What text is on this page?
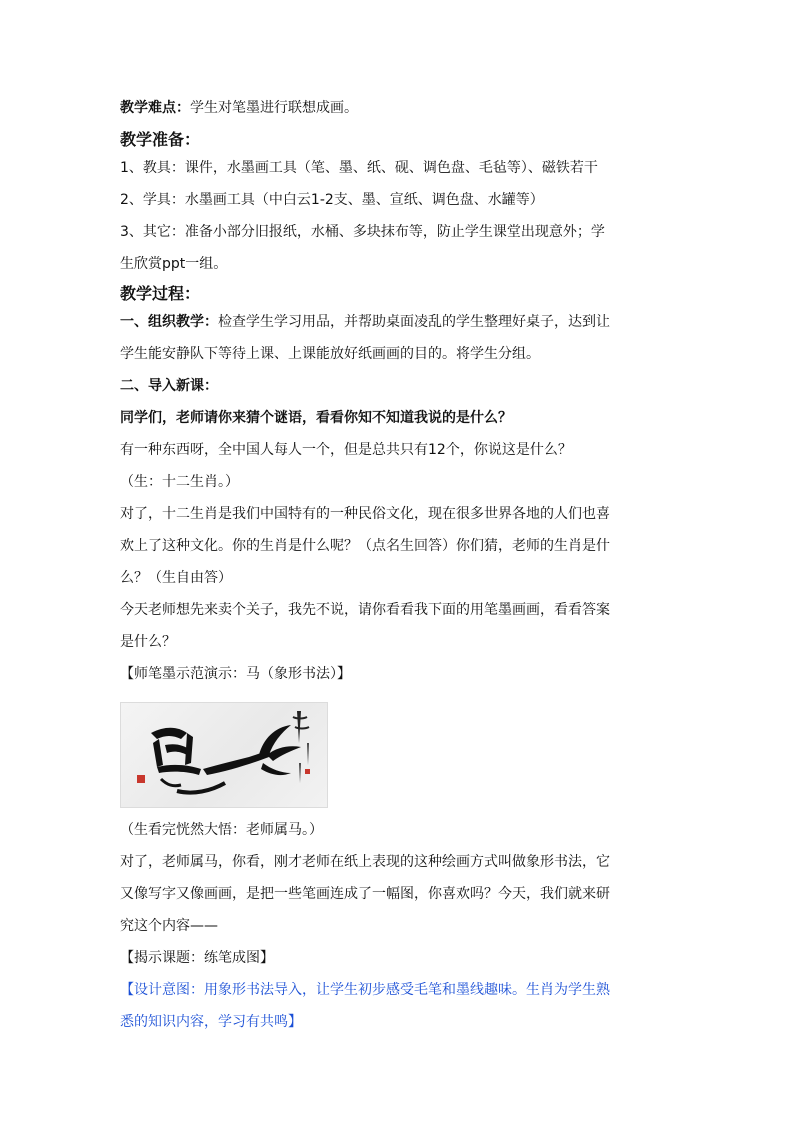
教学难点：学生对笔墨进行联想成画。
教学准备：
1、教具：课件，水墨画工具（笔、墨、纸、砚、调色盘、毛毡等）、磁铁若干
2、学具：水墨画工具（中白云1-2支、墨、宣纸、调色盘、水罐等）
3、其它：准备小部分旧报纸，水桶、多块抹布等，防止学生课堂出现意外；学
生欣赏ppt一组。
教学过程：
一、组织教学：检查学生学习用品，并帮助桌面凌乱的学生整理好桌子，达到让
学生能安静队下等待上课、上课能放好纸画画的目的。将学生分组。
二、导入新课：
同学们，老师请你来猜个谜语，看看你知不知道我说的是什么？
有一种东西呀，全中国人每人一个，但是总共只有12个，你说这是什么？
（生：十二生肖。）
对了，十二生肖是我们中国特有的一种民俗文化，现在很多世界各地的人们也喜
欢上了这种文化。你的生肖是什么呢？（点名生回答）你们猜，老师的生肖是什
么？（生自由答）
今天老师想先来卖个关子，我先不说，请你看看我下面的用笔墨画画，看看答案
是什么？
【师笔墨示范演示：马（象形书法）】
（生看完恍然大悟：老师属马。）
对了，老师属马，你看，刚才老师在纸上表现的这种绘画方式叫做象形书法，它
又像写字又像画画，是把一些笔画连成了一幅图，你喜欢吗？今天，我们就来研
究这个内容——
【揭示课题：练笔成图】
【设计意图：用象形书法导入，让学生初步感受毛笔和墨线趣味。生肖为学生熟
悉的知识内容，学习有共鸣】
